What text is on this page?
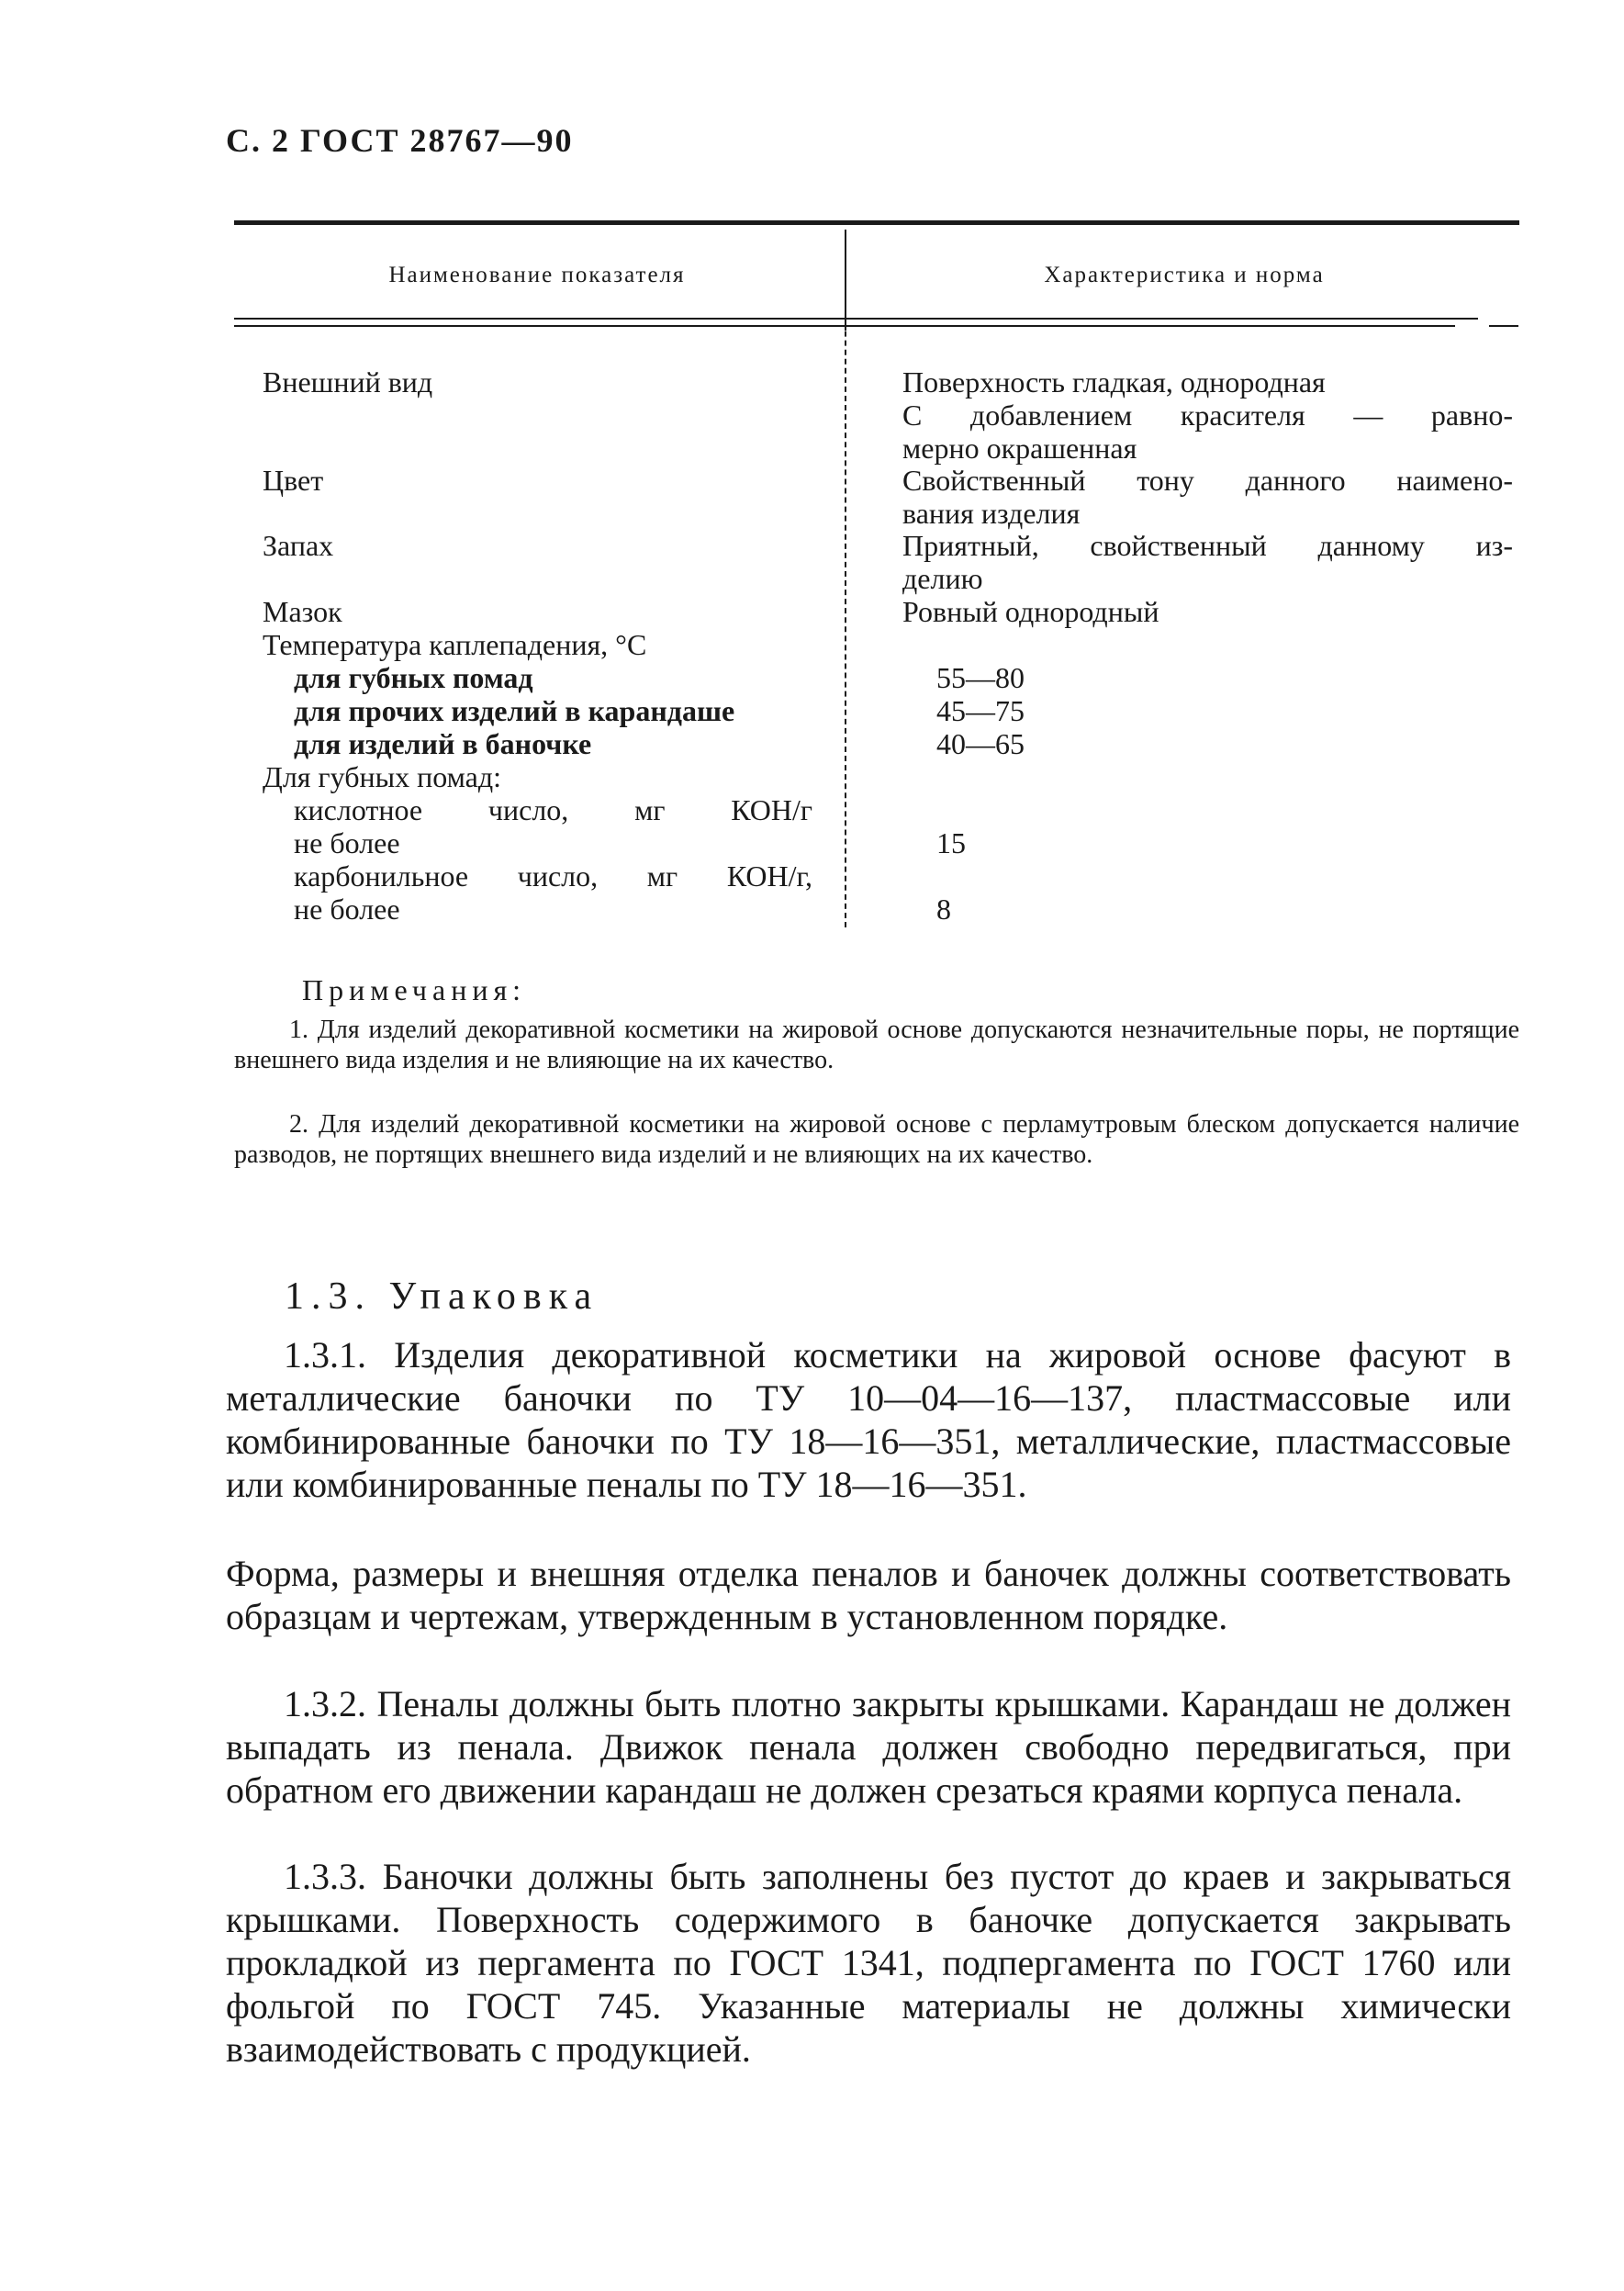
С. 2 ГОСТ 28767—90
Наименование показателя	Характеристика и норма
Внешний вид	Поверхность гладкая, однородная
С добавлением красителя — равно-
мерно окрашенная
Цвет	Свойственный тону данного наимено-
вания изделия
Запах	Приятный, свойственный данному из-
делию
Мазок	Ровный однородный
Температура каплепадения, °С
для губных помад	55—80
для прочих изделий в карандаше	45—75
для изделий в баночке	40—65
Для губных помад:
кислотное число, мг КОН/г
не более	15
карбонильное число, мг КОН/г,
не более	8
Примечания:
1. Для изделий декоративной косметики на жировой основе допускаются незначительные поры, не портящие внешнего вида изделия и не влияющие на их качество.
2. Для изделий декоративной косметики на жировой основе с перламутровым блеском допускается наличие разводов, не портящих внешнего вида изделий и не влияющих на их качество.
1.3. Упаковка
1.3.1. Изделия декоративной косметики на жировой основе фасуют в металлические баночки по ТУ 10—04—16—137, пластмассовые или комбинированные баночки по ТУ 18—16—351, металлические, пластмассовые или комбинированные пеналы по ТУ 18—16—351.
Форма, размеры и внешняя отделка пеналов и баночек должны соответствовать образцам и чертежам, утвержденным в установленном порядке.
1.3.2. Пеналы должны быть плотно закрыты крышками. Карандаш не должен выпадать из пенала. Движок пенала должен свободно передвигаться, при обратном его движении карандаш не должен срезаться краями корпуса пенала.
1.3.3. Баночки должны быть заполнены без пустот до краев и закрываться крышками. Поверхность содержимого в баночке допускается закрывать прокладкой из пергамента по ГОСТ 1341, подпергамента по ГОСТ 1760 или фольгой по ГОСТ 745. Указанные материалы не должны химически взаимодействовать с продукцией.
